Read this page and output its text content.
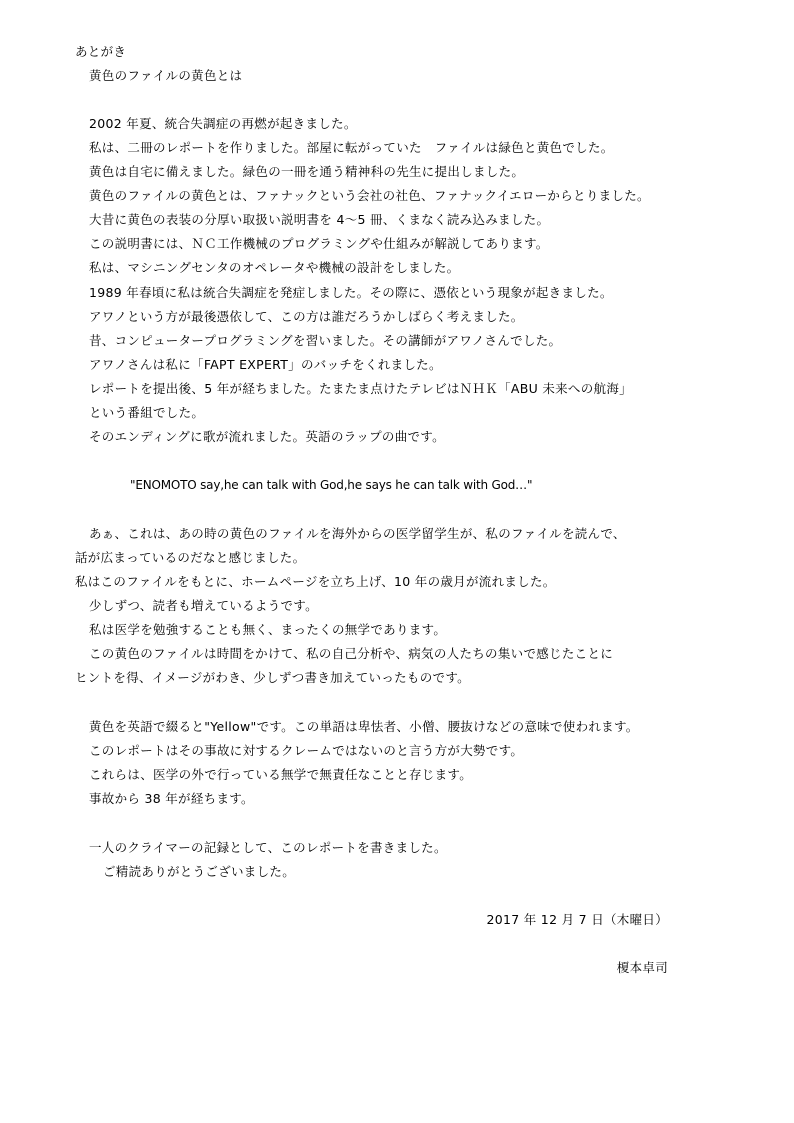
あとがき
黄色のファイルの黄色とは
2002 年夏、統合失調症の再燃が起きました。
私は、二冊のレポートを作りました。部屋に転がっていた　ファイルは緑色と黄色でした。
黄色は自宅に備えました。緑色の一冊を通う精神科の先生に提出しました。
黄色のファイルの黄色とは、ファナックという会社の社色、ファナックイエローからとりました。
大昔に黄色の表装の分厚い取扱い説明書を 4～5 冊、くまなく読み込みました。
この説明書には、ＮＣ工作機械のプログラミングや仕組みが解説してあります。
私は、マシニングセンタのオペレータや機械の設計をしました。
1989 年春頃に私は統合失調症を発症しました。その際に、憑依という現象が起きました。
アワノという方が最後憑依して、この方は誰だろうかしばらく考えました。
昔、コンピュータープログラミングを習いました。その講師がアワノさんでした。
アワノさんは私に「FAPT EXPERT」のバッチをくれました。
レポートを提出後、5 年が経ちました。たまたま点けたテレビはＮＨＫ「ABU 未来への航海」
という番組でした。
そのエンディングに歌が流れました。英語のラップの曲です。
"ENOMOTO say,he can talk with God,he says he can talk with God…"
あぁ、これは、あの時の黄色のファイルを海外からの医学留学生が、私のファイルを読んで、
話が広まっているのだなと感じました。
私はこのファイルをもとに、ホームページを立ち上げ、10 年の歳月が流れました。
少しずつ、読者も増えているようです。
私は医学を勉強することも無く、まったくの無学であります。
この黄色のファイルは時間をかけて、私の自己分析や、病気の人たちの集いで感じたことに
ヒントを得、イメージがわき、少しずつ書き加えていったものです。
黄色を英語で綴ると"Yellow"です。この単語は卑怯者、小僧、腰抜けなどの意味で使われます。
このレポートはその事故に対するクレームではないのと言う方が大勢です。
これらは、医学の外で行っている無学で無責任なことと存じます。
事故から 38 年が経ちます。
一人のクライマーの記録として、このレポートを書きました。
ご精読ありがとうございました。
2017 年 12 月 7 日（木曜日）
榎本卓司
